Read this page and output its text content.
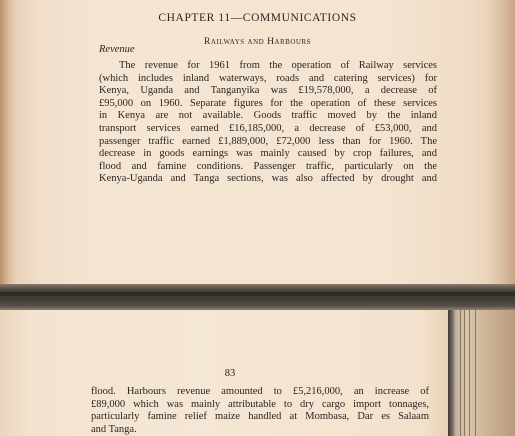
CHAPTER 11—COMMUNICATIONS
Railways and Harbours
Revenue
The revenue for 1961 from the operation of Railway services
(which includes inland waterways, roads and catering services) for
Kenya, Uganda and Tanganyika was £19,578,000, a decrease of
£95,000 on 1960. Separate figures for the operation of these services
in Kenya are not available. Goods traffic moved by the inland
transport services earned £16,185,000, a decrease of £53,000, and
passenger traffic earned £1,889,000, £72,000 less than for 1960. The
decrease in goods earnings was mainly caused by crop failures, and
flood and famine conditions. Passenger traffic, particularly on the
Kenya-Uganda and Tanga sections, was also affected by drought and
83
flood. Harbours revenue amounted to £5,216,000, an increase of
£89,000 which was mainly attributable to dry cargo import tonnages,
particularly famine relief maize handled at Mombasa, Dar es Salaam
and Tanga.
